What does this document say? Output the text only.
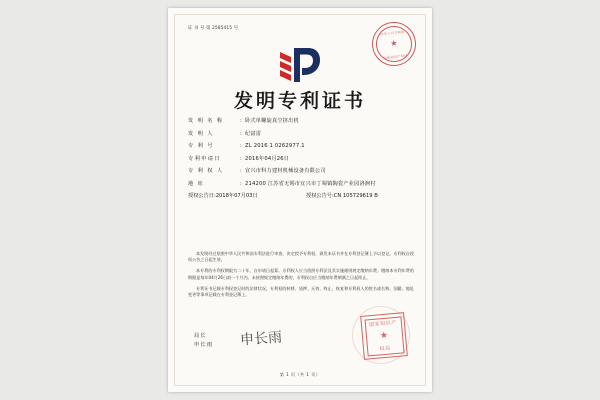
证 书 号 第 2585415 号
中华人民共和国
★
国家知识产权局
发明专利证书
发 明 名 称	: 卧式单螺旋真空挤出机
发 明 人	: 纪富雷
专 利 号	: ZL 2016 1 0262977.1
专利申请日	: 2016年04月26日
专 利 权 人	: 宜兴市科力建材机械设备有限公司
地 址	: 214200 江苏省无锡市宜兴市丁蜀镇陶瓷产业园洛涧村
授权公告日:2018年07月03日	授权公告号:CN 105729619 B

本发明经过依照中华人民共和国专利法进行审查，决定授予专利权，颁发本证书并在专利登记簿上予以登记。专利权自授权公告之日起生效。

本专利的专利权期限为二十年，自申请日起算。专利权人应当依照专利法及其实施细则规定缴纳年费。缴纳本专利年费的期限是每年04月26日前一个月内。未按照规定缴纳年费的，专利权自应当缴纳年费期满之日起终止。

专利证书记载专利权登记时的法律状况。专利权的转移、质押、无效、终止、恢复和专利权人的姓名或名称、国籍、地址变更等事项记载在专利登记簿上。

局长
申长雨 申长雨
国家知识产
★
权局
第 1 页（共 1 页）
